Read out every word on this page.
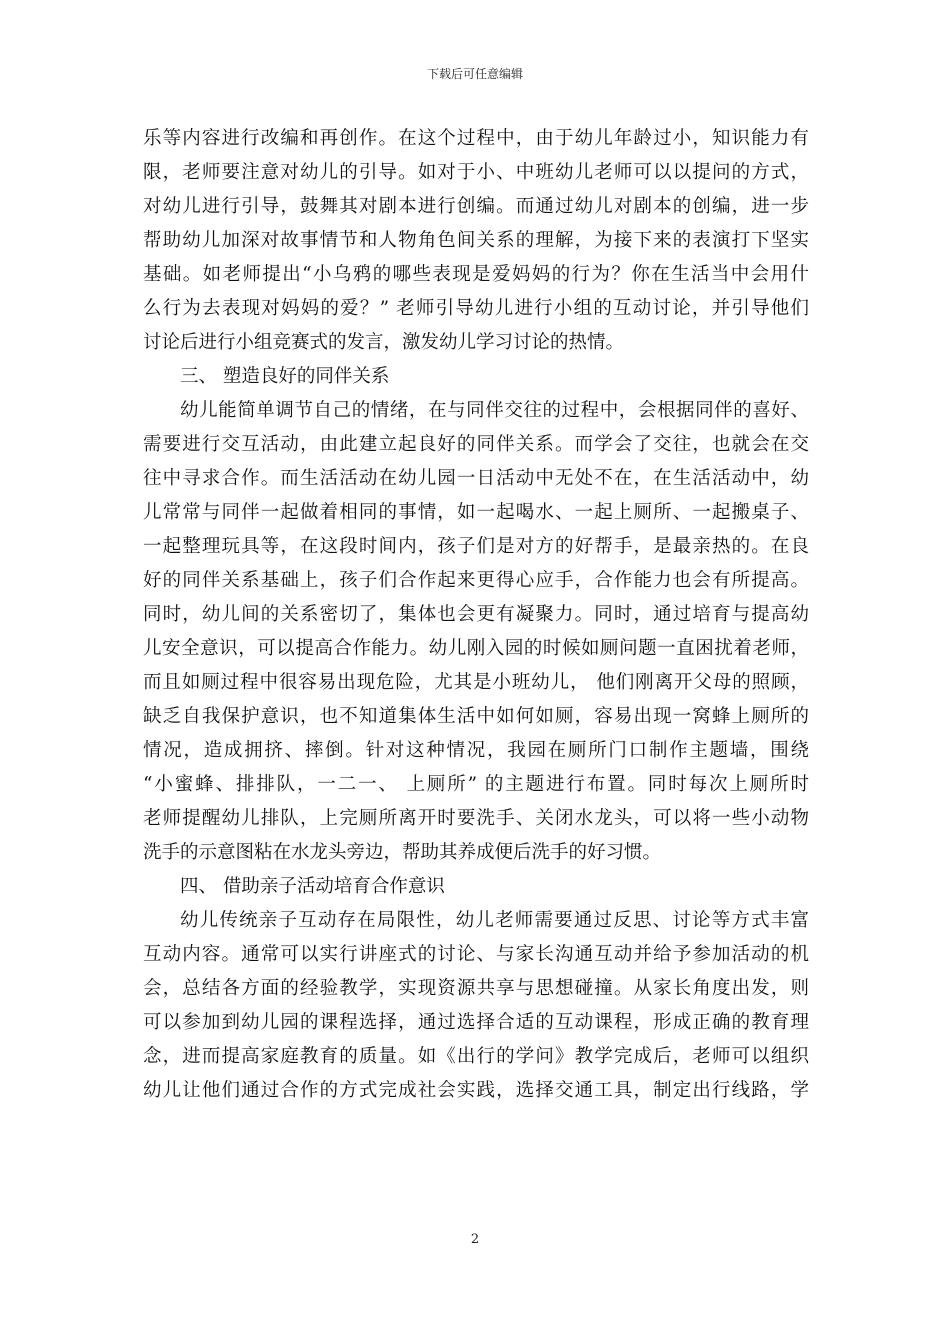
下载后可任意编辑
乐等内容进行改编和再创作。在这个过程中，由于幼儿年龄过小，知识能力有
限，老师要注意对幼儿的引导。如对于小、中班幼儿老师可以以提问的方式，
对幼儿进行引导，鼓舞其对剧本进行创编。而通过幼儿对剧本的创编，进一步
帮助幼儿加深对故事情节和人物角色间关系的理解，为接下来的表演打下坚实
基础。如老师提出“小乌鸦的哪些表现是爱妈妈的行为？你在生活当中会用什
么行为去表现对妈妈的爱？” 老师引导幼儿进行小组的互动讨论，并引导他们
讨论后进行小组竞赛式的发言，激发幼儿学习讨论的热情。
三、 塑造良好的同伴关系
幼儿能简单调节自己的情绪，在与同伴交往的过程中，会根据同伴的喜好、
需要进行交互活动，由此建立起良好的同伴关系。而学会了交往，也就会在交
往中寻求合作。而生活活动在幼儿园一日活动中无处不在，在生活活动中，幼
儿常常与同伴一起做着相同的事情，如一起喝水、一起上厕所、一起搬桌子、
一起整理玩具等，在这段时间内，孩子们是对方的好帮手，是最亲热的。在良
好的同伴关系基础上，孩子们合作起来更得心应手，合作能力也会有所提高。
同时，幼儿间的关系密切了，集体也会更有凝聚力。同时，通过培育与提高幼
儿安全意识，可以提高合作能力。幼儿刚入园的时候如厕问题一直困扰着老师，
而且如厕过程中很容易出现危险，尤其是小班幼儿， 他们刚离开父母的照顾，
缺乏自我保护意识，也不知道集体生活中如何如厕，容易出现一窝蜂上厕所的
情况，造成拥挤、摔倒。针对这种情况，我园在厕所门口制作主题墙，围绕
“小蜜蜂、排排队，一二一、 上厕所” 的主题进行布置。同时每次上厕所时
老师提醒幼儿排队，上完厕所离开时要洗手、关闭水龙头，可以将一些小动物
洗手的示意图粘在水龙头旁边，帮助其养成便后洗手的好习惯。
四、 借助亲子活动培育合作意识
幼儿传统亲子互动存在局限性，幼儿老师需要通过反思、讨论等方式丰富
互动内容。通常可以实行讲座式的讨论、与家长沟通互动并给予参加活动的机
会，总结各方面的经验教学，实现资源共享与思想碰撞。从家长角度出发，则
可以参加到幼儿园的课程选择，通过选择合适的互动课程，形成正确的教育理
念，进而提高家庭教育的质量。如《出行的学问》教学完成后，老师可以组织
幼儿让他们通过合作的方式完成社会实践，选择交通工具，制定出行线路，学
2
